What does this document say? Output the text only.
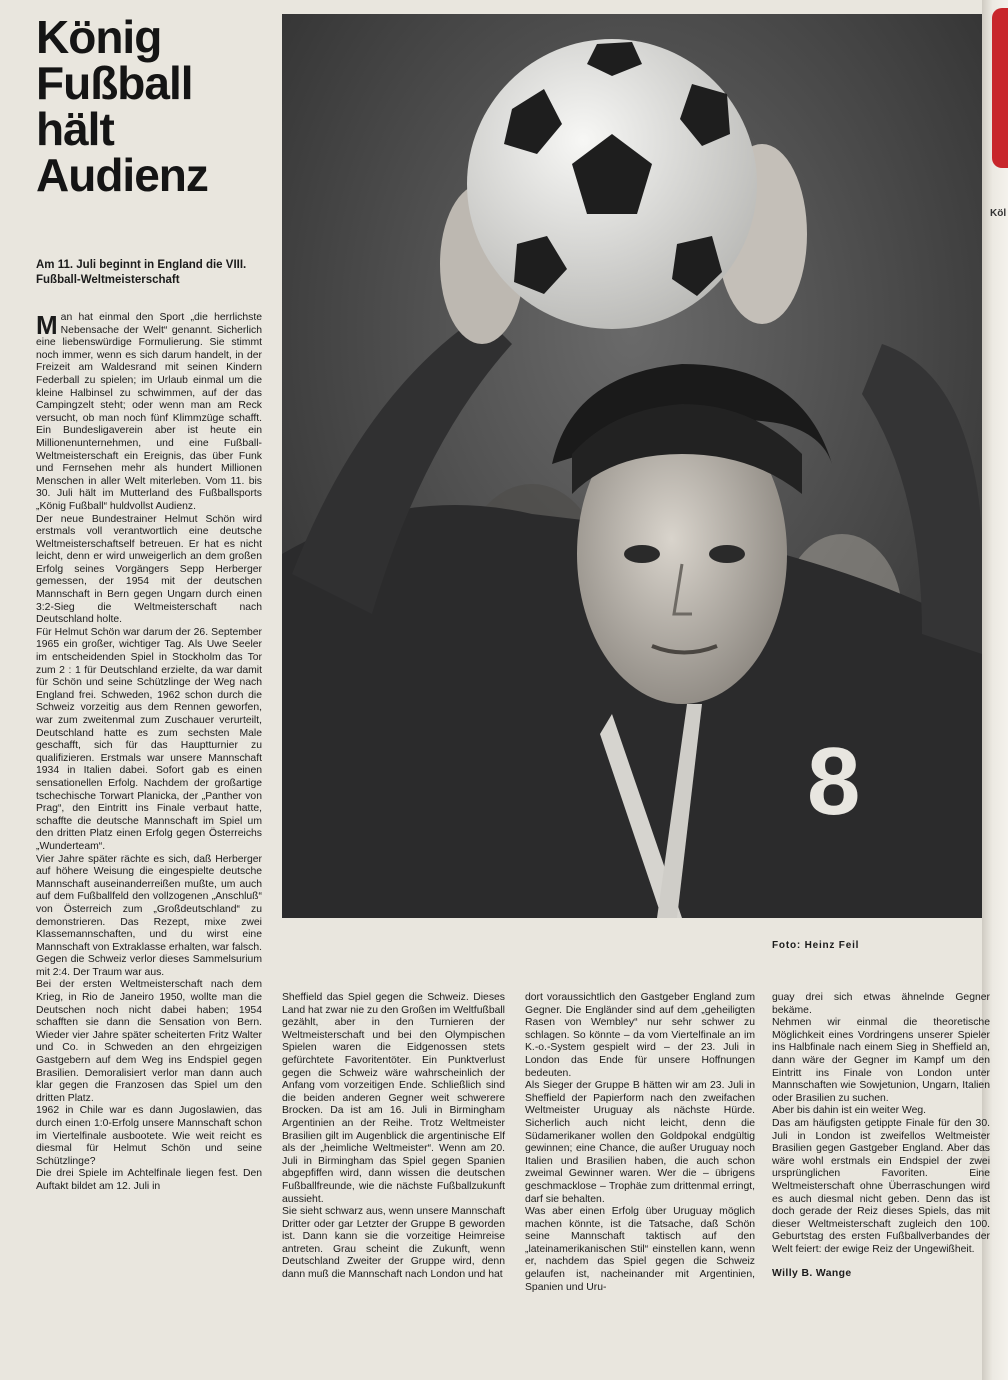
Köl
König
Fußball
hält
Audienz
Am 11. Juli beginnt in England die VIII. Fußball-Weltmeisterschaft
8
Foto: Heinz Feil

Man hat einmal den Sport „die herrlichste Nebensache der Welt“ genannt. Sicherlich eine liebenswürdige Formulierung. Sie stimmt noch immer, wenn es sich darum handelt, in der Freizeit am Waldesrand mit seinen Kindern Federball zu spielen; im Urlaub einmal um die kleine Halbinsel zu schwimmen, auf der das Campingzelt steht; oder wenn man am Reck versucht, ob man noch fünf Klimmzüge schafft. Ein Bundesligaverein aber ist heute ein Millionenunternehmen, und eine Fußball-Weltmeisterschaft ein Ereignis, das über Funk und Fernsehen mehr als hundert Millionen Menschen in aller Welt miterleben. Vom 11. bis 30. Juli hält im Mutterland des Fußballsports „König Fußball“ huldvollst Audienz.

Der neue Bundestrainer Helmut Schön wird erstmals voll verantwortlich eine deutsche Weltmeisterschaftself betreuen. Er hat es nicht leicht, denn er wird unweigerlich an dem großen Erfolg seines Vorgängers Sepp Herberger gemessen, der 1954 mit der deutschen Mannschaft in Bern gegen Ungarn durch einen 3:2-Sieg die Weltmeisterschaft nach Deutschland holte.

Für Helmut Schön war darum der 26. September 1965 ein großer, wichtiger Tag. Als Uwe Seeler im entscheidenden Spiel in Stockholm das Tor zum 2 : 1 für Deutschland erzielte, da war damit für Schön und seine Schützlinge der Weg nach England frei. Schweden, 1962 schon durch die Schweiz vorzeitig aus dem Rennen geworfen, war zum zweitenmal zum Zuschauer verurteilt, Deutschland hatte es zum sechsten Male geschafft, sich für das Hauptturnier zu qualifizieren. Erstmals war unsere Mannschaft 1934 in Italien dabei. Sofort gab es einen sensationellen Erfolg. Nachdem der großartige tschechische Torwart Planicka, der „Panther von Prag“, den Eintritt ins Finale verbaut hatte, schaffte die deutsche Mannschaft im Spiel um den dritten Platz einen Erfolg gegen Österreichs „Wunderteam“.

Vier Jahre später rächte es sich, daß Herberger auf höhere Weisung die eingespielte deutsche Mannschaft auseinanderreißen mußte, um auch auf dem Fußballfeld den vollzogenen „Anschluß“ von Österreich zum „Großdeutschland“ zu demonstrieren. Das Rezept, mixe zwei Klassemannschaften, und du wirst eine Mannschaft von Extraklasse erhalten, war falsch. Gegen die Schweiz verlor dieses Sammelsurium mit 2:4. Der Traum war aus.

Bei der ersten Weltmeisterschaft nach dem Krieg, in Rio de Janeiro 1950, wollte man die Deutschen noch nicht dabei haben; 1954 schafften sie dann die Sensation von Bern. Wieder vier Jahre später scheiterten Fritz Walter und Co. in Schweden an den ehrgeizigen Gastgebern auf dem Weg ins Endspiel gegen Brasilien. Demoralisiert verlor man dann auch klar gegen die Franzosen das Spiel um den dritten Platz.

1962 in Chile war es dann Jugoslawien, das durch einen 1:0-Erfolg unsere Mannschaft schon im Viertelfinale ausbootete. Wie weit reicht es diesmal für Helmut Schön und seine Schützlinge?

Die drei Spiele im Achtelfinale liegen fest. Den Auftakt bildet am 12. Juli in

Sheffield das Spiel gegen die Schweiz. Dieses Land hat zwar nie zu den Großen im Weltfußball gezählt, aber in den Turnieren der Weltmeisterschaft und bei den Olympischen Spielen waren die Eidgenossen stets gefürchtete Favoritentöter. Ein Punktverlust gegen die Schweiz wäre wahrscheinlich der Anfang vom vorzeitigen Ende. Schließlich sind die beiden anderen Gegner weit schwerere Brocken. Da ist am 16. Juli in Birmingham Argentinien an der Reihe. Trotz Weltmeister Brasilien gilt im Augenblick die argentinische Elf als der „heimliche Weltmeister“. Wenn am 20. Juli in Birmingham das Spiel gegen Spanien abgepfiffen wird, dann wissen die deutschen Fußballfreunde, wie die nächste Fußballzukunft aussieht.

Sie sieht schwarz aus, wenn unsere Mannschaft Dritter oder gar Letzter der Gruppe B geworden ist. Dann kann sie die vorzeitige Heimreise antreten. Grau scheint die Zukunft, wenn Deutschland Zweiter der Gruppe wird, denn dann muß die Mannschaft nach London und hat

dort voraussichtlich den Gastgeber England zum Gegner. Die Engländer sind auf dem „geheiligten Rasen von Wembley“ nur sehr schwer zu schlagen. So könnte – da vom Viertelfinale an im K.-o.-System gespielt wird – der 23. Juli in London das Ende für unsere Hoffnungen bedeuten.

Als Sieger der Gruppe B hätten wir am 23. Juli in Sheffield der Papierform nach den zweifachen Weltmeister Uruguay als nächste Hürde. Sicherlich auch nicht leicht, denn die Südamerikaner wollen den Goldpokal endgültig gewinnen; eine Chance, die außer Uruguay noch Italien und Brasilien haben, die auch schon zweimal Gewinner waren. Wer die – übrigens geschmacklose – Trophäe zum drittenmal erringt, darf sie behalten.

Was aber einen Erfolg über Uruguay möglich machen könnte, ist die Tatsache, daß Schön seine Mannschaft taktisch auf den „lateinamerikanischen Stil“ einstellen kann, wenn er, nachdem das Spiel gegen die Schweiz gelaufen ist, nacheinander mit Argentinien, Spanien und Uru-

guay drei sich etwas ähnelnde Gegner bekäme.

Nehmen wir einmal die theoretische Möglichkeit eines Vordringens unserer Spieler ins Halbfinale nach einem Sieg in Sheffield an, dann wäre der Gegner im Kampf um den Eintritt ins Finale von London unter Mannschaften wie Sowjetunion, Ungarn, Italien oder Brasilien zu suchen.

Aber bis dahin ist ein weiter Weg.

Das am häufigsten getippte Finale für den 30. Juli in London ist zweifellos Weltmeister Brasilien gegen Gastgeber England. Aber das wäre wohl erstmals ein Endspiel der zwei ursprünglichen Favoriten. Eine Weltmeisterschaft ohne Überraschungen wird es auch diesmal nicht geben. Denn das ist doch gerade der Reiz dieses Spiels, das mit dieser Weltmeisterschaft zugleich den 100. Geburtstag des ersten Fußballverbandes der Welt feiert: der ewige Reiz der Ungewißheit.

Willy B. Wange
